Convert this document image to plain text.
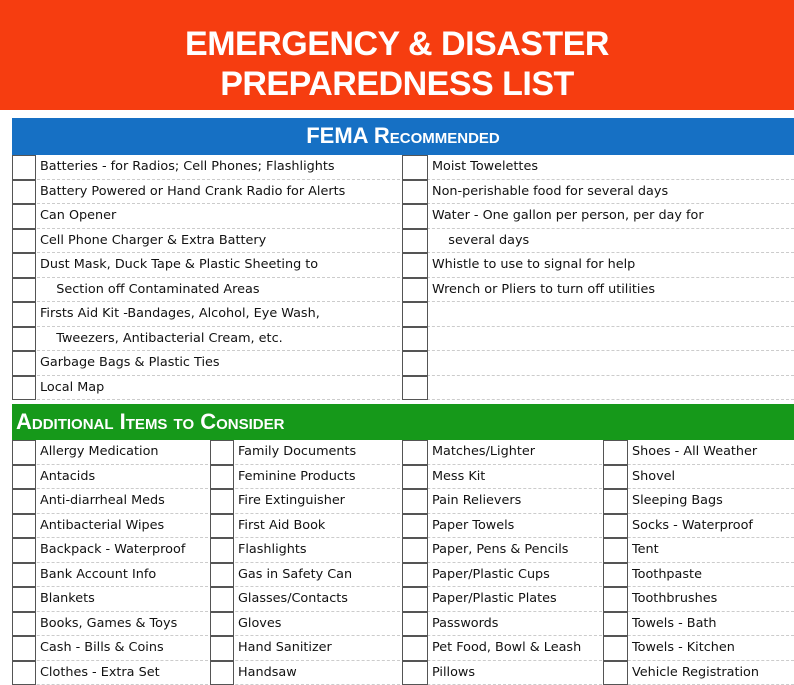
EMERGENCY & DISASTER
PREPAREDNESS LIST
FEMA Recommended
Batteries - for Radios; Cell Phones; Flashlights
Battery Powered or Hand Crank Radio for Alerts
Can Opener
Cell Phone Charger & Extra Battery
Dust Mask, Duck Tape & Plastic Sheeting to
Section off Contaminated Areas
Firsts Aid Kit -Bandages, Alcohol, Eye Wash,
Tweezers, Antibacterial Cream, etc.
Garbage Bags & Plastic Ties
Local Map
Moist Towelettes
Non-perishable food for several days
Water - One gallon per person, per day for
several days
Whistle to use to signal for help
Wrench or Pliers to turn off utilities
Additional Items to Consider
Allergy Medication
Antacids
Anti-diarrheal Meds
Antibacterial Wipes
Backpack - Waterproof
Bank Account Info
Blankets
Books, Games & Toys
Cash - Bills & Coins
Clothes - Extra Set
Family Documents
Feminine Products
Fire Extinguisher
First Aid Book
Flashlights
Gas in Safety Can
Glasses/Contacts
Gloves
Hand Sanitizer
Handsaw
Matches/Lighter
Mess Kit
Pain Relievers
Paper Towels
Paper, Pens & Pencils
Paper/Plastic Cups
Paper/Plastic Plates
Passwords
Pet Food, Bowl & Leash
Pillows
Shoes - All Weather
Shovel
Sleeping Bags
Socks - Waterproof
Tent
Toothpaste
Toothbrushes
Towels - Bath
Towels - Kitchen
Vehicle Registration
